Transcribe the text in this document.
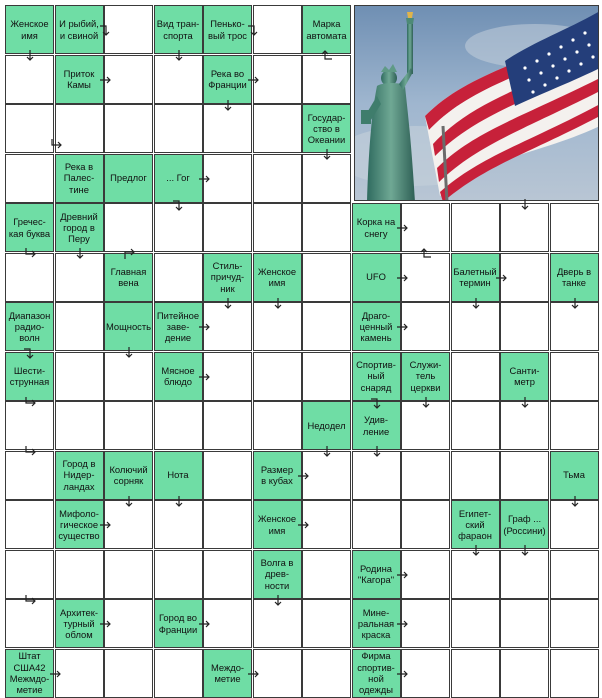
Женское
имя
И рыбий,
и свиной
Вид тран-
спорта
Пенько-
вый трос
Марка
автомата
Приток
Камы
Река во
Франции
Государ-
ство в
Океании
Река в
Палес-
тине
Предлог ... Гог
Гречес-
кая буква
Древний
город в
Перу
Корка на
снегу
Главная
вена
Стиль-
причуд-
ник
Женское
имя
UFO
Балетный
термин
Дверь в
танке
Диапазон
радио-
волн
Мощность
Питейное
заве-
дение
Драго-
ценный
камень
Шести-
струнная
Мясное
блюдо
Спортив-
ный
снаряд
Служи-
тель
церкви
Санти-
метр
Недодел
Удив-
ление
Город в
Нидер-
ландах
Колючий
сорняк
Нота
Размер
в кубах
Тьма
Мифоло-
гическое
существо
Женское
имя
Египет-
ский
фараон
Граф ...
(Россини)
Волга в
древ-
ности
Родина
"Кагора"
Архитек-
турный
облом
Город во
Франции
Мине-
ральная
краска
Штат
США42
Межмдо-
метие
Междо-
метие
Фирма
спортив-
ной
одежды
